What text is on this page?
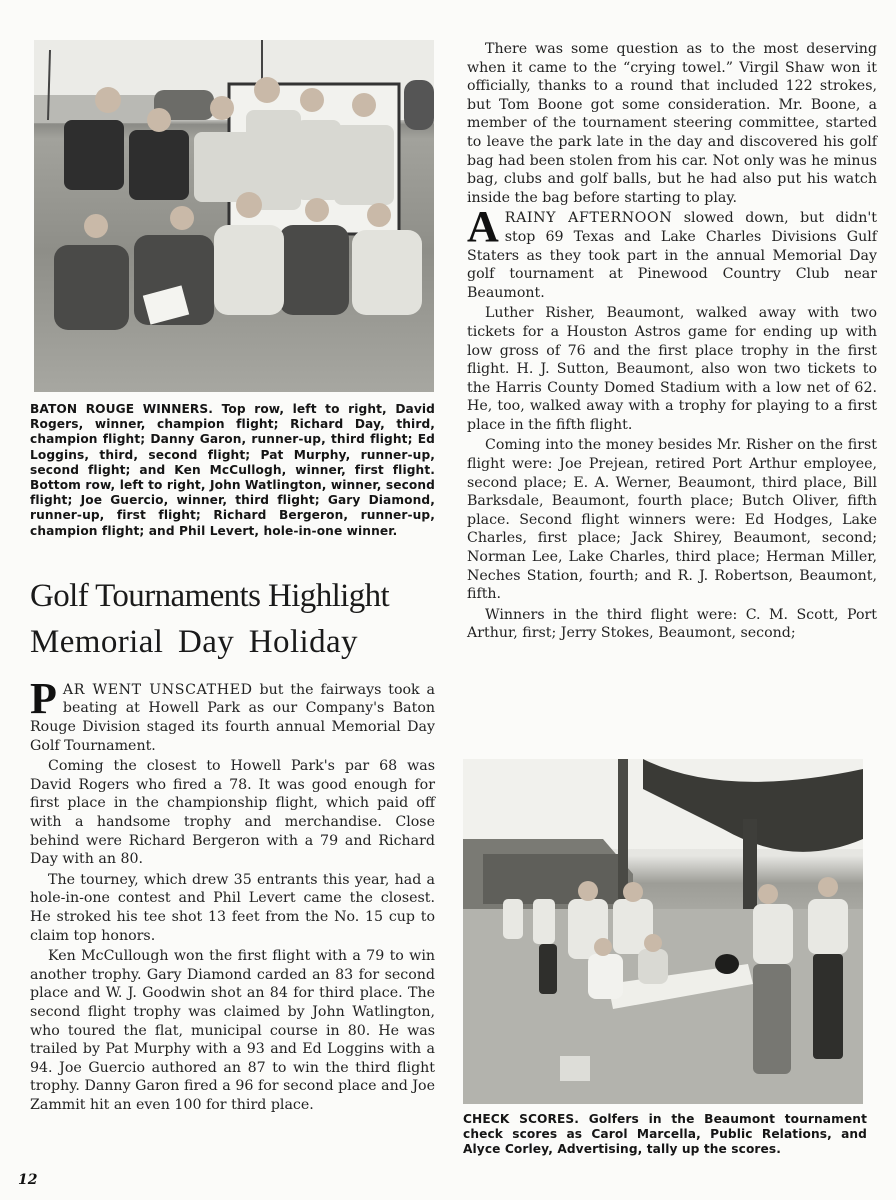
BATON ROUGE WINNERS. Top row, left to right, David Rogers, winner, champion flight; Richard Day, third, champion flight; Danny Garon, runner-up, third flight; Ed Loggins, third, second flight; Pat Murphy, runner-up, second flight; and Ken McCullogh, winner, first flight. Bottom row, left to right, John Watlington, winner, second flight; Joe Guercio, winner, third flight; Gary Diamond, runner-up, first flight; Richard Bergeron, runner-up, champion flight; and Phil Levert, hole-in-one winner.
Golf Tournaments Highlight
Memorial Day Holiday

PAR WENT UNSCATHED but the fairways took a beating at Howell Park as our Company's Baton Rouge Division staged its fourth annual Memorial Day Golf Tournament.

Coming the closest to Howell Park's par 68 was David Rogers who fired a 78. It was good enough for first place in the championship flight, which paid off with a handsome trophy and merchandise. Close behind were Richard Bergeron with a 79 and Richard Day with an 80.

The tourney, which drew 35 entrants this year, had a hole-in-one contest and Phil Levert came the closest. He stroked his tee shot 13 feet from the No. 15 cup to claim top honors.

Ken McCullough won the first flight with a 79 to win another trophy. Gary Diamond carded an 83 for second place and W. J. Goodwin shot an 84 for third place. The second flight trophy was claimed by John Watlington, who toured the flat, municipal course in 80. He was trailed by Pat Murphy with a 93 and Ed Loggins with a 94. Joe Guercio authored an 87 to win the third flight trophy. Danny Garon fired a 96 for second place and Joe Zammit hit an even 100 for third place.

There was some question as to the most deserving when it came to the “crying towel.” Virgil Shaw won it officially, thanks to a round that included 122 strokes, but Tom Boone got some consideration. Mr. Boone, a member of the tournament steering committee, started to leave the park late in the day and discovered his golf bag had been stolen from his car. Not only was he minus bag, clubs and golf balls, but he had also put his watch inside the bag before starting to play.

ARAINY AFTERNOON slowed down, but didn't stop 69 Texas and Lake Charles Divisions Gulf Staters as they took part in the annual Memorial Day golf tournament at Pinewood Country Club near Beaumont.

Luther Risher, Beaumont, walked away with two tickets for a Houston Astros game for ending up with low gross of 76 and the first place trophy in the first flight. H. J. Sutton, Beaumont, also won two tickets to the Harris County Domed Stadium with a low net of 62. He, too, walked away with a trophy for playing to a first place in the fifth flight.

Coming into the money besides Mr. Risher on the first flight were: Joe Prejean, retired Port Arthur employee, second place; E. A. Werner, Beaumont, third place, Bill Barksdale, Beaumont, fourth place; Butch Oliver, fifth place. Second flight winners were: Ed Hodges, Lake Charles, first place; Jack Shirey, Beaumont, second; Norman Lee, Lake Charles, third place; Herman Miller, Neches Station, fourth; and R. J. Robertson, Beaumont, fifth.

Winners in the third flight were: C. M. Scott, Port Arthur, first; Jerry Stokes, Beaumont, second;

CHECK SCORES. Golfers in the Beaumont tournament check scores as Carol Marcella, Public Relations, and Alyce Corley, Advertising, tally up the scores.
12
